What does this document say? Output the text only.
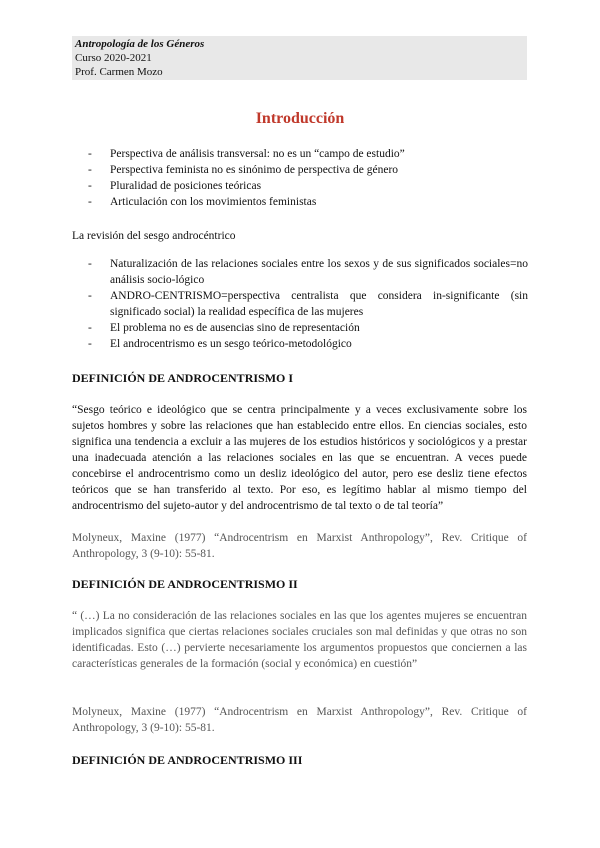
Antropología de los Géneros
Curso 2020-2021
Prof. Carmen Mozo
Introducción
- Perspectiva de análisis transversal: no es un “campo de estudio”
- Perspectiva feminista no es sinónimo de perspectiva de género
- Pluralidad de posiciones teóricas
- Articulación con los movimientos feministas
La revisión del sesgo androcéntrico
- Naturalización de las relaciones sociales entre los sexos y de sus significados sociales=no análisis socio-lógico
- ANDRO-CENTRISMO=perspectiva centralista que considera in-significante (sin significado social) la realidad específica de las mujeres
- El problema no es de ausencias sino de representación
- El androcentrismo es un sesgo teórico-metodológico
DEFINICIÓN DE ANDROCENTRISMO I
“Sesgo teórico e ideológico que se centra principalmente y a veces exclusivamente sobre los sujetos hombres y sobre las relaciones que han establecido entre ellos. En ciencias sociales, esto significa una tendencia a excluir a las mujeres de los estudios históricos y sociológicos y a prestar una inadecuada atención a las relaciones sociales en las que se encuentran. A veces puede concebirse el androcentrismo como un desliz ideológico del autor, pero ese desliz tiene efectos teóricos que se han transferido al texto. Por eso, es legítimo hablar al mismo tiempo del androcentrismo del sujeto-autor y del androcentrismo de tal texto o de tal teoría”
Molyneux, Maxine (1977) “Androcentrism en Marxist Anthropology”, Rev. Critique of Anthropology, 3 (9-10): 55-81.
DEFINICIÓN DE ANDROCENTRISMO II
“ (…) La no consideración de las relaciones sociales en las que los agentes mujeres se encuentran implicados significa que ciertas relaciones sociales cruciales son mal definidas y que otras no son identificadas. Esto (…) pervierte necesariamente los argumentos propuestos que conciernen a las características generales de la formación (social y económica) en cuestión”
Molyneux, Maxine (1977) “Androcentrism en Marxist Anthropology”, Rev. Critique of Anthropology, 3 (9-10): 55-81.
DEFINICIÓN DE ANDROCENTRISMO III
